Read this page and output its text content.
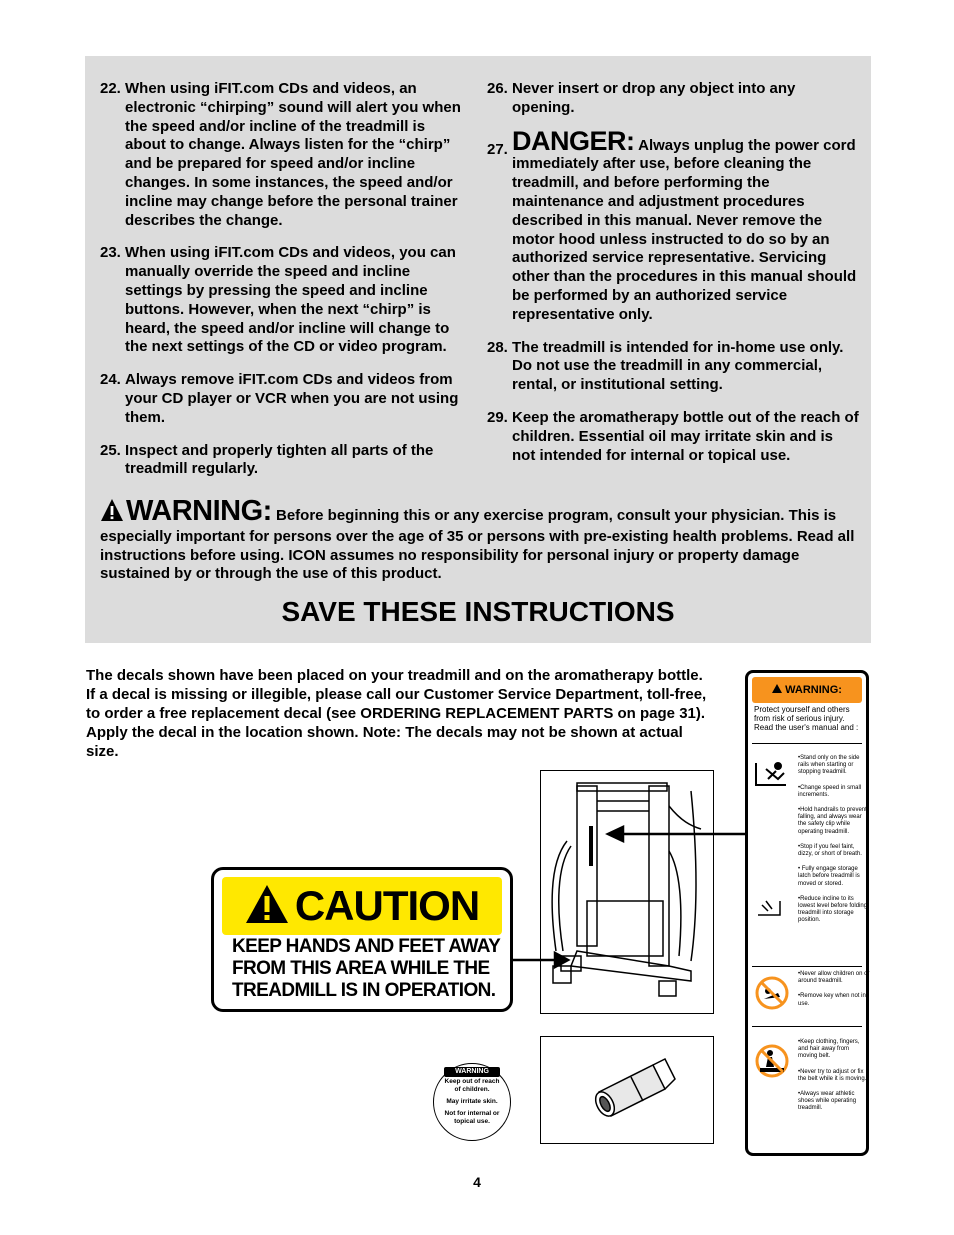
22. When using iFIT.com CDs and videos, an electronic “chirping” sound will alert you when the speed and/or incline of the treadmill is about to change. Always listen for the “chirp” and be prepared for speed and/or incline changes. In some instances, the speed and/or incline may change before the personal trainer describes the change.
23. When using iFIT.com CDs and videos, you can manually override the speed and incline settings by pressing the speed and incline buttons. However, when the next “chirp” is heard, the speed and/or incline will change to the next settings of the CD or video program.
24. Always remove iFIT.com CDs and videos from your CD player or VCR when you are not using them.
25. Inspect and properly tighten all parts of the treadmill regularly.
26. Never insert or drop any object into any opening.
27. DANGER: Always unplug the power cord immediately after use, before cleaning the treadmill, and before performing the maintenance and adjustment procedures described in this manual. Never remove the motor hood unless instructed to do so by an authorized service representative. Servicing other than the procedures in this manual should be performed by an authorized service representative only.
28. The treadmill is intended for in-home use only. Do not use the treadmill in any commercial, rental, or institutional setting.
29. Keep the aromatherapy bottle out of the reach of children. Essential oil may irritate skin and is not intended for internal or topical use.
WARNING: Before beginning this or any exercise program, consult your physician. This is especially important for persons over the age of 35 or persons with pre-existing health problems. Read all instructions before using. ICON assumes no responsibility for personal injury or property damage sustained by or through the use of this product.
SAVE THESE INSTRUCTIONS
The decals shown have been placed on your treadmill and on the aromatherapy bottle. If a decal is missing or illegible, please call our Customer Service Department, toll-free, to order a free replacement decal (see ORDERING REPLACEMENT PARTS on page 31). Apply the decal in the location shown. Note: The decals may not be shown at actual size.
CAUTION
KEEP HANDS AND FEET AWAY
FROM THIS AREA WHILE THE
TREADMILL IS IN OPERATION.
WARNING
Keep out of reach
of children.
May irritate skin.
Not for internal or
topical use.
WARNING:
Protect yourself and others from risk of serious injury. Read the user's manual and :
•Stand only on the side rails when starting or stopping treadmill.
•Change speed in small increments.
•Hold handrails to prevent falling, and always wear the safety clip while operating treadmill.
•Stop if you feel faint, dizzy, or short of breath.
• Fully engage storage latch before treadmill is moved or stored.
•Reduce incline to its lowest level before folding treadmill into storage position.
•Never allow children on or around treadmill.
•Remove key when not in use.
•Keep clothing, fingers, and hair away from moving belt.
•Never try to adjust or fix the belt while it is moving.
•Always wear athletic shoes while operating treadmill.
4
